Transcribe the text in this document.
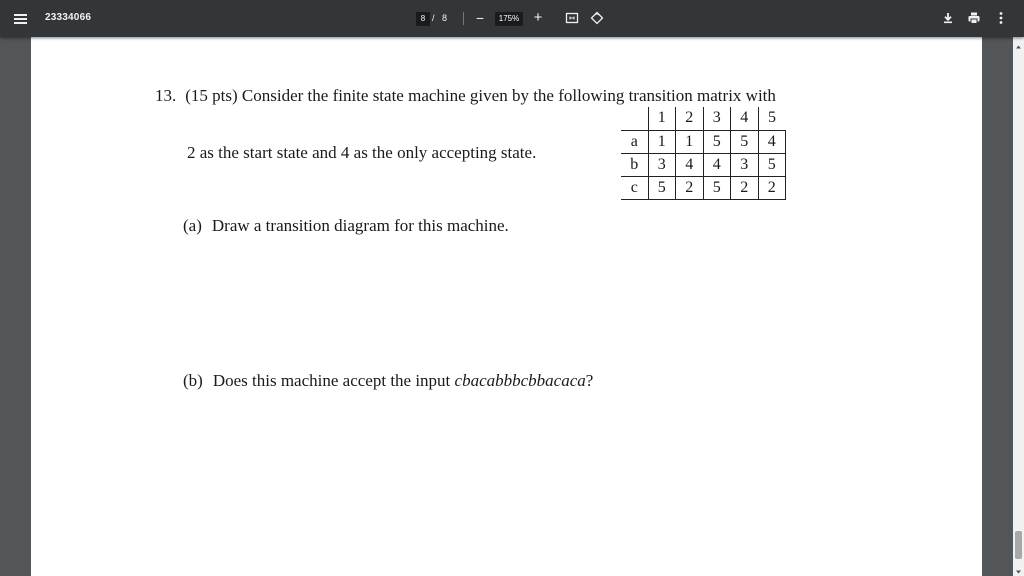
23334066	8 / 8 −	175% +
13. (15 pts) Consider the finite state machine given by the following transition matrix with
2 as the start state and 4 as the only accepting state.
	1	2	3	4	5
a	1	1	5	5	4
b	3	4	4	3	5
c	5	2	5	2	2
(a) Draw a transition diagram for this machine.
(b) Does this machine accept the input cbacabbbcbbacaca?
